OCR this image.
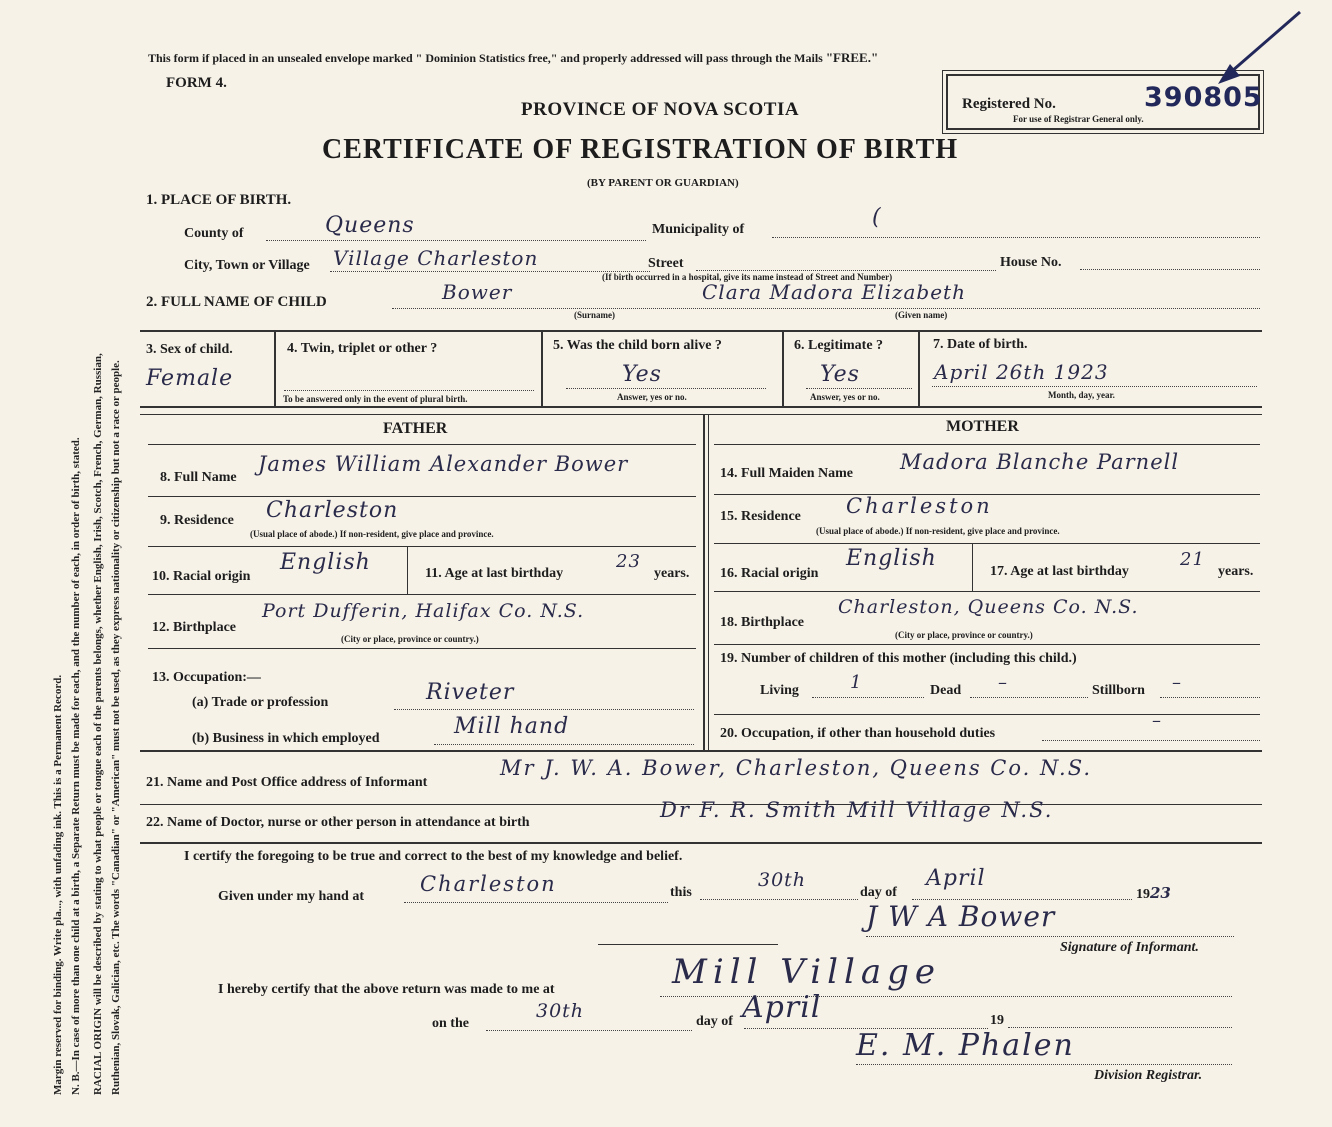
Margin reserved for binding. Write pla..., with unfading ink. This is a Permanent Record. N. B.—In case of more than one child at a birth, a Separate Return must be made for each, and the number of each, in order of birth, stated. RACIAL ORIGIN will be described by stating to what people or tongue each of the parents belongs, whether English, Irish, Scotch, French, German, Russian, Ruthenian, Slovak, Galician, etc. The words "Canadian" or "American" must not be used, as they express nationality or citizenship but not a race or people.
This form if placed in an unsealed envelope marked " Dominion Statistics free," and properly addressed will pass through the Mails "FREE."
FORM 4.
PROVINCE OF NOVA SCOTIA
CERTIFICATE OF REGISTRATION OF BIRTH
(BY PARENT OR GUARDIAN)
Registered No.	390805
For use of Registrar General only.
1. PLACE OF BIRTH.
County of	Queens	Municipality of	(
City, Town or Village Village Charleston	Street	House No.
(If birth occurred in a hospital, give its name instead of Street and Number)
2. FULL NAME OF CHILD	Bower	Clara Madora Elizabeth
(Surname)	(Given name)
3. Sex of child.
Female
4. Twin, triplet or other ?
To be answered only in the event of plural birth.
5. Was the child born alive ?
Yes
Answer, yes or no.
6. Legitimate ?
Yes
Answer, yes or no.
7. Date of birth.
April 26th 1923
Month, day, year.
FATHER	MOTHER
8. Full Name
James William Alexander Bower
9. Residence Charleston
(Usual place of abode.) If non-resident, give place and province.
10. Racial origin
English	11. Age at last birthday
23
years.
12. Birthplace
Port Dufferin, Halifax Co. N.S.
(City or place, province or country.)
13. Occupation:—
(a) Trade or profession	Riveter
(b) Business in which employed	Mill hand
14. Full Maiden Name Madora Blanche Parnell
15. Residence Charleston
(Usual place of abode.) If non-resident, give place and province.
16. Racial origin
English
17. Age at last birthday
21
years.
18. Birthplace
Charleston, Queens Co. N.S.
(City or place, province or country.)
19. Number of children of this mother (including this child.)
Living	1	Dead –	Stillborn –
20. Occupation, if other than household duties
–
21. Name and Post Office address of Informant
Mr J. W. A. Bower, Charleston, Queens Co. N.S.
22. Name of Doctor, nurse or other person in attendance at birth
Dr F. R. Smith Mill Village N.S.
I certify the foregoing to be true and correct to the best of my knowledge and belief.
Given under my hand at
Charleston	this
30th
day of
April
1923
J W A Bower
Signature of Informant.
I hereby certify that the above return was made to me at	Mill Village
on the
30th	day of April	19
E. M. Phalen
Division Registrar.
